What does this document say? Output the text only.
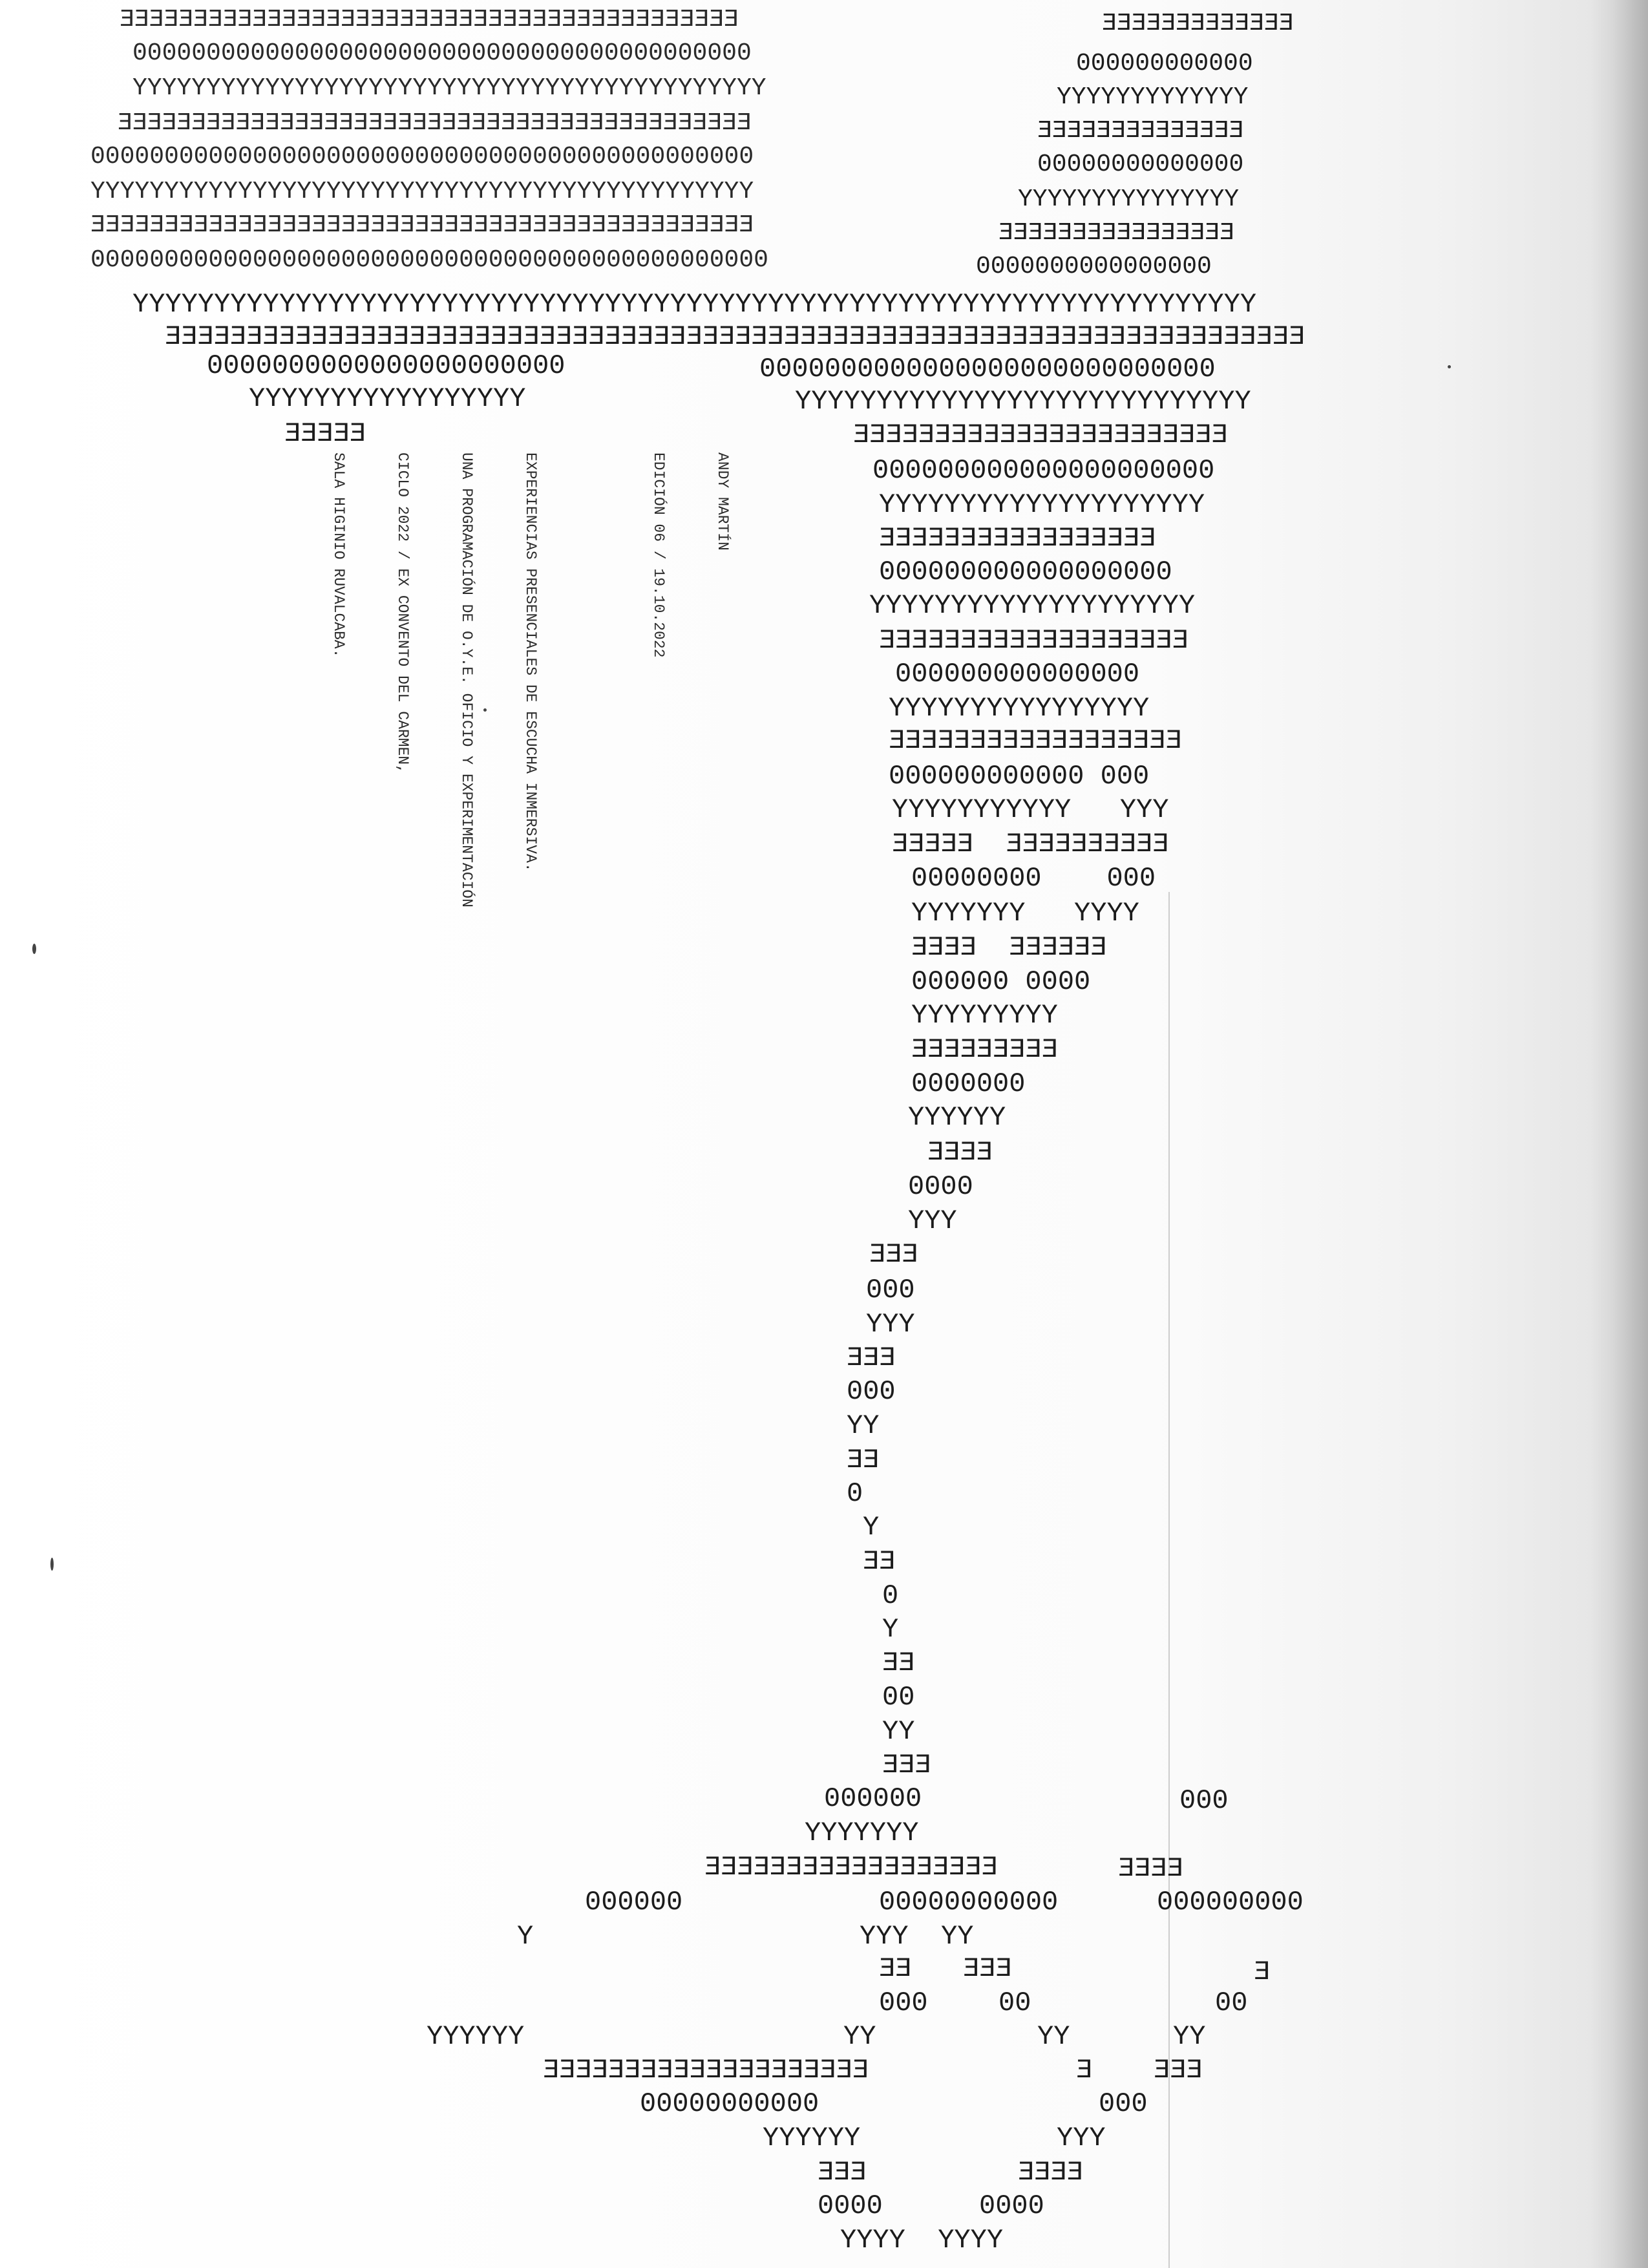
EEEEEEEEEEEEEEEEEEEEEEEEEEEEEEEEEEEEEEEEEE
000000000000000000000000000000000000000000
YYYYYYYYYYYYYYYYYYYYYYYYYYYYYYYYYYYYYYYYYYY
EEEEEEEEEEEEEEEEEEEEEEEEEEEEEEEEEEEEEEEEEEE
000000000000000000000000000000000000000000000
YYYYYYYYYYYYYYYYYYYYYYYYYYYYYYYYYYYYYYYYYYYYY
EEEEEEEEEEEEEEEEEEEEEEEEEEEEEEEEEEEEEEEEEEEEE
0000000000000000000000000000000000000000000000
EEEEEEEEEEEEE
000000000000
YYYYYYYYYYYYY
EEEEEEEEEEEEEE
00000000000000
YYYYYYYYYYYYYYY
EEEEEEEEEEEEEEEE
0000000000000000
YYYYYYYYYYYYYYYYYYYYYYYYYYYYYYYYYYYYYYYYYYYYYYYYYYYYYYYYYYYYYYYYYYYYY
EEEEEEEEEEEEEEEEEEEEEEEEEEEEEEEEEEEEEEEEEEEEEEEEEEEEEEEEEEEEEEEEEEEEEE
0000000000000000000000
YYYYYYYYYYYYYYYYY
EEEEE
0000000000000000000000000000
YYYYYYYYYYYYYYYYYYYYYYYYYYYY
EEEEEEEEEEEEEEEEEEEEEEE
000000000000000000000
YYYYYYYYYYYYYYYYYYYY
EEEEEEEEEEEEEEEEE
000000000000000000
YYYYYYYYYYYYYYYYYYYY
EEEEEEEEEEEEEEEEEEE
000000000000000
YYYYYYYYYYYYYYYY
EEEEEEEEEEEEEEEEEE
000000000000 000
YYYYYYYYYYY   YYY
EEEEEEEEEE  EEEEE
00000000    000
YYYYYYY   YYYY
EEEEEE  EEEE
000000 0000
YYYYYYYYY
EEEEEEEEE
0000000
YYYYYY
EEEE
0000
YYY
EEE
000
YYY
EEE
000
YY
EE
0
Y
EE
0
Y
EE
00
YY
EEE
000000	000
YYYYYYY
EEEEEEEEEEEEEEEEEE	EEEE
000000	00000000000	000000000
Y	YYY  YY
EE EEE	E
000	00	00
YYYYYY	YY	YY	YY
EEEEEEEEEEEEEEEEEEEE	E EEE
00000000000	000
YYYYYY	YYY
EEE	EEEE
0000	0000
YYYY  YYYY

ANDY MARTÍN

EDICIÓN 06 / 19.10.2022

EXPERIENCIAS PRESENCIALES DE ESCUCHA INMERSIVA.

UNA PROGRAMACIÓN DE O.Y.E. OFICIO Y EXPERIMENTACIÓN

CICLO 2022 / EX CONVENTO DEL CARMEN,

SALA HIGINIO RUVALCABA.
